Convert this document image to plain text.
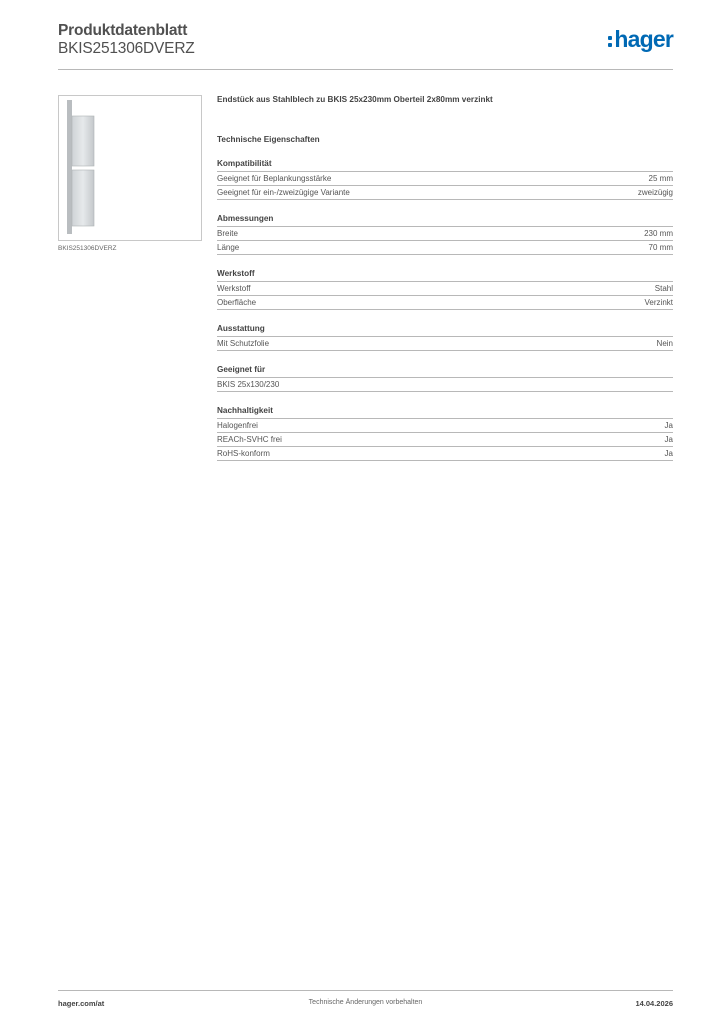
Produktdatenblatt
BKIS251306DVERZ	hager
BKIS251306DVERZ
Endstück aus Stahlblech zu BKIS 25x230mm Oberteil 2x80mm verzinkt
Technische Eigenschaften
Kompatibilität
Geeignet für Beplankungsstärke	25 mm
Geeignet für ein-/zweizügige Variante	zweizügig
Abmessungen
Breite	230 mm
Länge	70 mm
Werkstoff
Werkstoff	Stahl
Oberfläche	Verzinkt
Ausstattung
Mit Schutzfolie	Nein
Geeignet für
BKIS 25x130/230
Nachhaltigkeit
Halogenfrei	Ja
REACh-SVHC frei	Ja
RoHS-konform	Ja
hager.com/at	Technische Änderungen vorbehalten	14.04.2026
